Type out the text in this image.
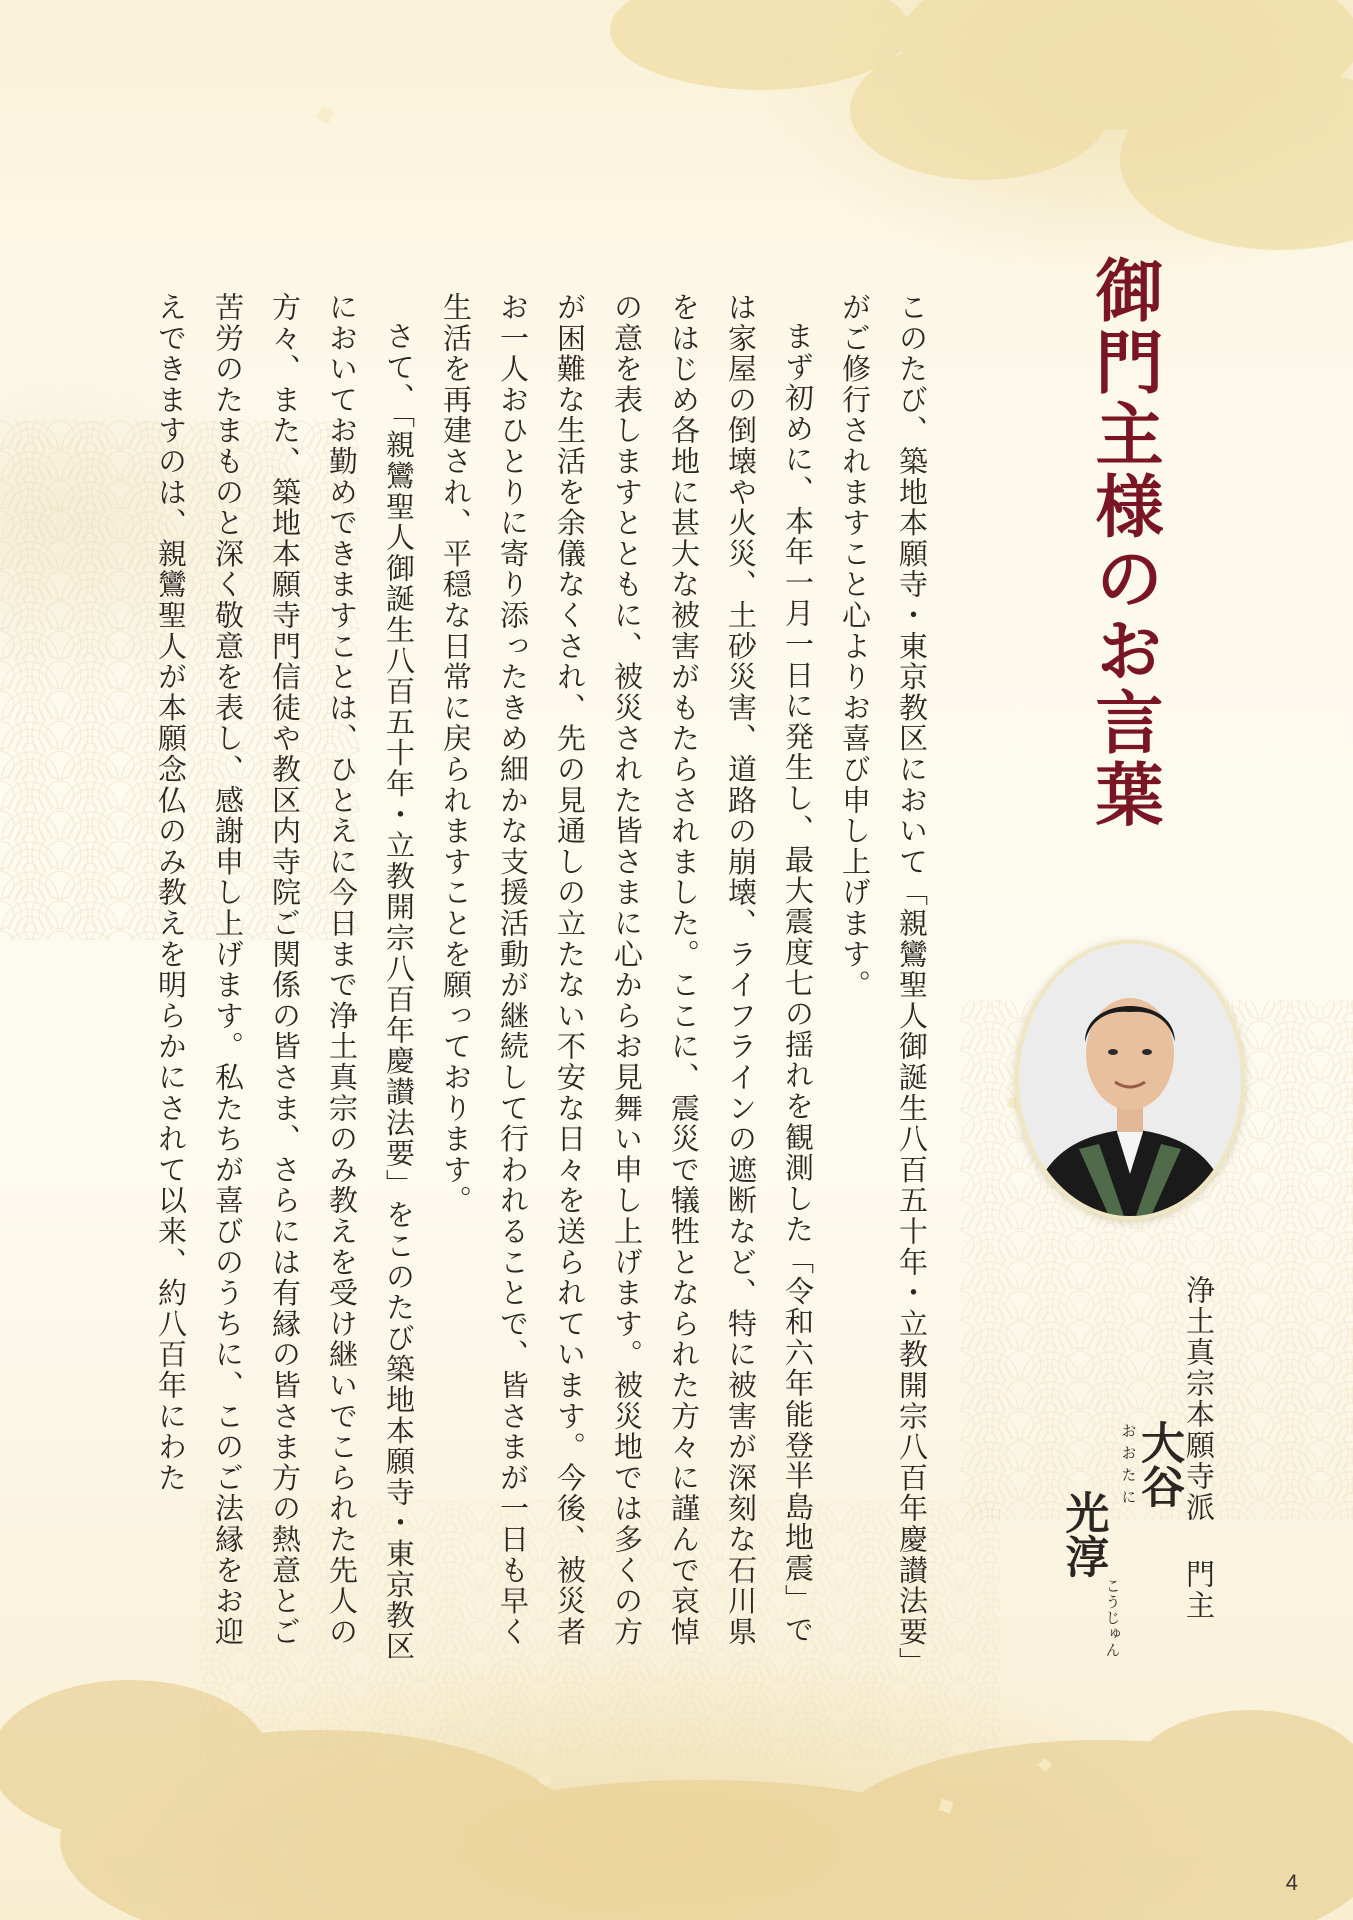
御門主様のお言葉
浄土真宗本願寺派 門主
大谷おおたに光淳こうじゅん

このたび、築地本願寺・東京教区において「親鸞聖人御誕生八百五十年・立教開宗八百年慶讃法要」がご修行されますこと心よりお喜び申し上げます。

まず初めに、本年一月一日に発生し、最大震度七の揺れを観測した「令和六年能登半島地震」では家屋の倒壊や火災、土砂災害、道路の崩壊、ライフラインの遮断など、特に被害が深刻な石川県をはじめ各地に甚大な被害がもたらされました。ここに、震災で犠牲となられた方々に謹んで哀悼の意を表しますとともに、被災された皆さまに心からお見舞い申し上げます。被災地では多くの方が困難な生活を余儀なくされ、先の見通しの立たない不安な日々を送られています。今後、被災者お一人おひとりに寄り添ったきめ細かな支援活動が継続して行われることで、皆さまが一日も早く生活を再建され、平穏な日常に戻られますことを願っております。

さて、「親鸞聖人御誕生八百五十年・立教開宗八百年慶讃法要」をこのたび築地本願寺・東京教区においてお勤めできますことは、ひとえに今日まで浄土真宗のみ教えを受け継いでこられた先人の方々、また、築地本願寺門信徒や教区内寺院ご関係の皆さま、さらには有縁の皆さま方の熱意とご苦労のたまものと深く敬意を表し、感謝申し上げます。私たちが喜びのうちに、このご法縁をお迎えできますのは、親鸞聖人が本願念仏のみ教えを明らかにされて以来、約八百年にわた

4
